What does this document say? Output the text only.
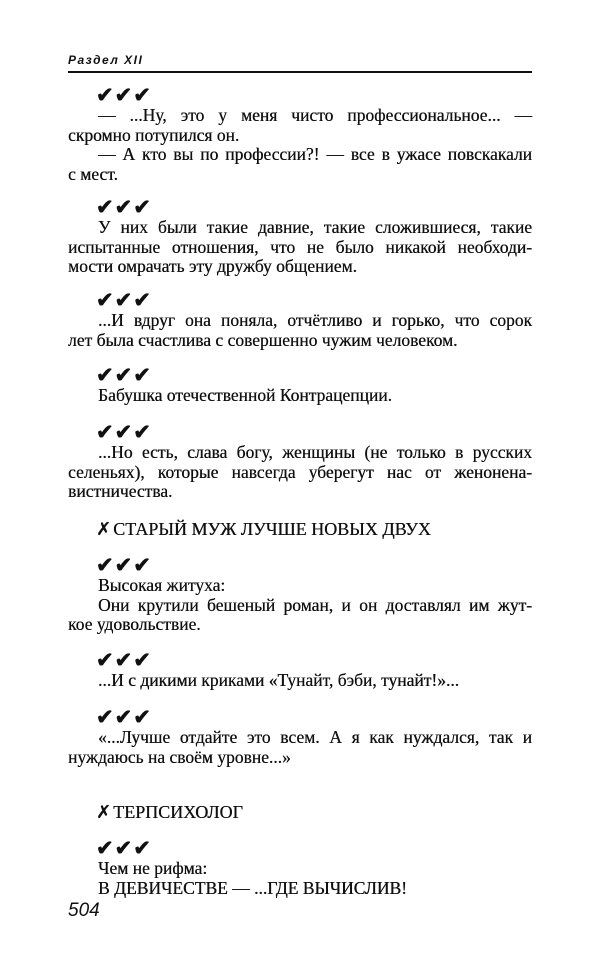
Раздел XII
✔✔✔
— ...Ну, это у меня чисто профессиональное... —
скромно потупился он.
— А кто вы по профессии?! — все в ужасе повскакали
с мест.
✔✔✔
У них были такие давние, такие сложившиеся, такие
испытанные отношения, что не было никакой необходи-
мости омрачать эту дружбу общением.
✔✔✔
...И вдруг она поняла, отчётливо и горько, что сорок
лет была счастлива с совершенно чужим человеком.
✔✔✔
Бабушка отечественной Контрацепции.
✔✔✔
...Но есть, слава богу, женщины (не только в русских
селеньях), которые навсегда уберегут нас от женонена-
вистничества.
✗ СТАРЫЙ МУЖ ЛУЧШЕ НОВЫХ ДВУХ
✔✔✔
Высокая житуха:
Они крутили бешеный роман, и он доставлял им жут-
кое удовольствие.
✔✔✔
...И с дикими криками «Тунайт, бэби, тунайт!»...
✔✔✔
«...Лучше отдайте это всем. А я как нуждался, так и
нуждаюсь на своём уровне...»
✗ ТЕРПСИХОЛОГ
✔✔✔
Чем не рифма:
В ДЕВИЧЕСТВЕ — ...ГДЕ ВЫЧИСЛИВ!
504
